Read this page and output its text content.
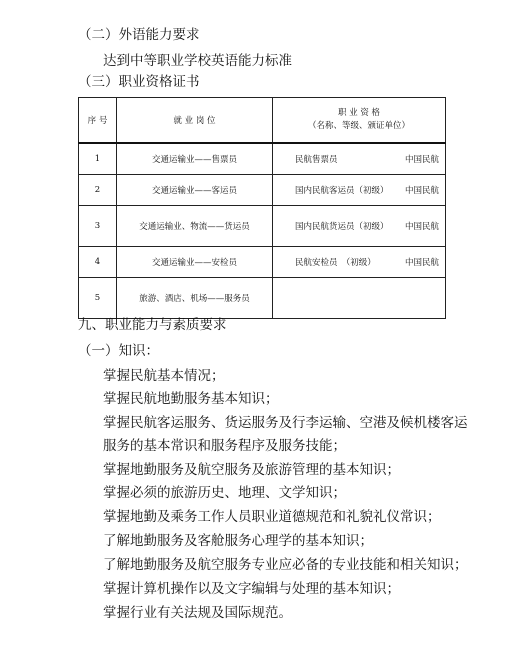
（二）外语能力要求
达到中等职业学校英语能力标准
（三）职业资格证书
序 号	就 业 岗 位	职 业 资 格
（名称、等级、颁证单位）

1	交通运输业——售票员	民航售票员 中国民航

2	交通运输业——客运员	国内民航客运员（初级） 中国民航

3	交通运输业、物流——货运员	国内民航货运员（初级） 中国民航

4	交通运输业——安检员	民航安检员　（初级） 中国民航

5	旅游、酒店、机场——服务员	
九、职业能力与素质要求
（一）知识：
掌握民航基本情况；
掌握民航地勤服务基本知识；
掌握民航客运服务、货运服务及行李运输、空港及候机楼客运
服务的基本常识和服务程序及服务技能；
掌握地勤服务及航空服务及旅游管理的基本知识；
掌握必须的旅游历史、地理、文学知识；
掌握地勤及乘务工作人员职业道德规范和礼貌礼仪常识；
了解地勤服务及客舱服务心理学的基本知识；
了解地勤服务及航空服务专业应必备的专业技能和相关知识；
掌握计算机操作以及文字编辑与处理的基本知识；
掌握行业有关法规及国际规范。
